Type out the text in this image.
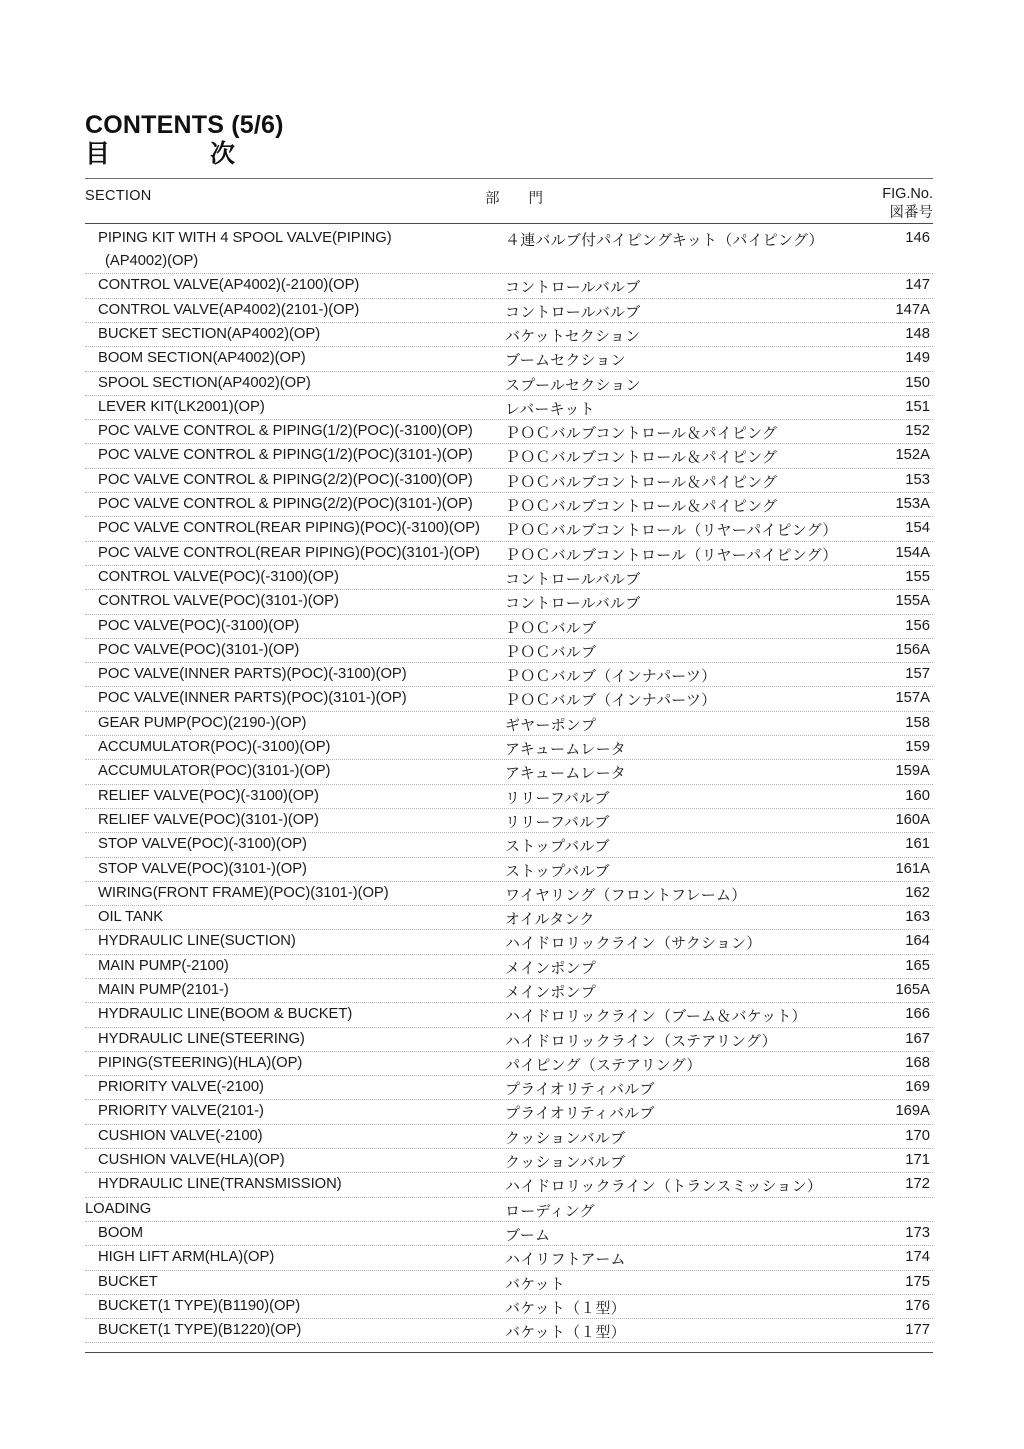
CONTENTS (5/6)
目　　　　次
SECTION	部　　門	FIG.No.
図番号
PIPING KIT WITH 4 SPOOL VALVE(PIPING)
(AP4002)(OP)
４連バルブ付パイピングキット（パイピング）	146
CONTROL VALVE(AP4002)(-2100)(OP)	コントロールバルブ	147
CONTROL VALVE(AP4002)(2101-)(OP)	コントロールバルブ	147A
BUCKET SECTION(AP4002)(OP)	バケットセクション	148
BOOM SECTION(AP4002)(OP)	ブームセクション	149
SPOOL SECTION(AP4002)(OP)	スプールセクション	150
LEVER KIT(LK2001)(OP)	レバーキット	151
POC VALVE CONTROL & PIPING(1/2)(POC)(-3100)(OP) ＰＯＣバルブコントロール＆パイピング	152
POC VALVE CONTROL & PIPING(1/2)(POC)(3101-)(OP) ＰＯＣバルブコントロール＆パイピング	152A
POC VALVE CONTROL & PIPING(2/2)(POC)(-3100)(OP) ＰＯＣバルブコントロール＆パイピング	153
POC VALVE CONTROL & PIPING(2/2)(POC)(3101-)(OP) ＰＯＣバルブコントロール＆パイピング	153A
POC VALVE CONTROL(REAR PIPING)(POC)(-3100)(OP) ＰＯＣバルブコントロール（リヤーパイピング）	154
POC VALVE CONTROL(REAR PIPING)(POC)(3101-)(OP) ＰＯＣバルブコントロール（リヤーパイピング）	154A
CONTROL VALVE(POC)(-3100)(OP)	コントロールバルブ	155
CONTROL VALVE(POC)(3101-)(OP)	コントロールバルブ	155A
POC VALVE(POC)(-3100)(OP)	ＰＯＣバルブ	156
POC VALVE(POC)(3101-)(OP)	ＰＯＣバルブ	156A
POC VALVE(INNER PARTS)(POC)(-3100)(OP)	ＰＯＣバルブ（インナパーツ）	157
POC VALVE(INNER PARTS)(POC)(3101-)(OP)	ＰＯＣバルブ（インナパーツ）	157A
GEAR PUMP(POC)(2190-)(OP)	ギヤーポンプ	158
ACCUMULATOR(POC)(-3100)(OP)	アキュームレータ	159
ACCUMULATOR(POC)(3101-)(OP)	アキュームレータ	159A
RELIEF VALVE(POC)(-3100)(OP)	リリーフバルブ	160
RELIEF VALVE(POC)(3101-)(OP)	リリーフバルブ	160A
STOP VALVE(POC)(-3100)(OP)	ストップバルブ	161
STOP VALVE(POC)(3101-)(OP)	ストップバルブ	161A
WIRING(FRONT FRAME)(POC)(3101-)(OP)	ワイヤリング（フロントフレーム）	162
OIL TANK	オイルタンク	163
HYDRAULIC LINE(SUCTION)	ハイドロリックライン（サクション）	164
MAIN PUMP(-2100)	メインポンプ	165
MAIN PUMP(2101-)	メインポンプ	165A
HYDRAULIC LINE(BOOM & BUCKET)	ハイドロリックライン（ブーム＆バケット）	166
HYDRAULIC LINE(STEERING)	ハイドロリックライン（ステアリング）	167
PIPING(STEERING)(HLA)(OP)	パイピング（ステアリング）	168
PRIORITY VALVE(-2100)	プライオリティバルブ	169
PRIORITY VALVE(2101-)	プライオリティバルブ	169A
CUSHION VALVE(-2100)	クッションバルブ	170
CUSHION VALVE(HLA)(OP)	クッションバルブ	171
HYDRAULIC LINE(TRANSMISSION)	ハイドロリックライン（トランスミッション）	172
LOADING	ローディング
BOOM	ブーム	173
HIGH LIFT ARM(HLA)(OP)	ハイリフトアーム	174
BUCKET	バケット	175
BUCKET(1 TYPE)(B1190)(OP)	バケット（１型）	176
BUCKET(1 TYPE)(B1220)(OP)	バケット（１型）	177
